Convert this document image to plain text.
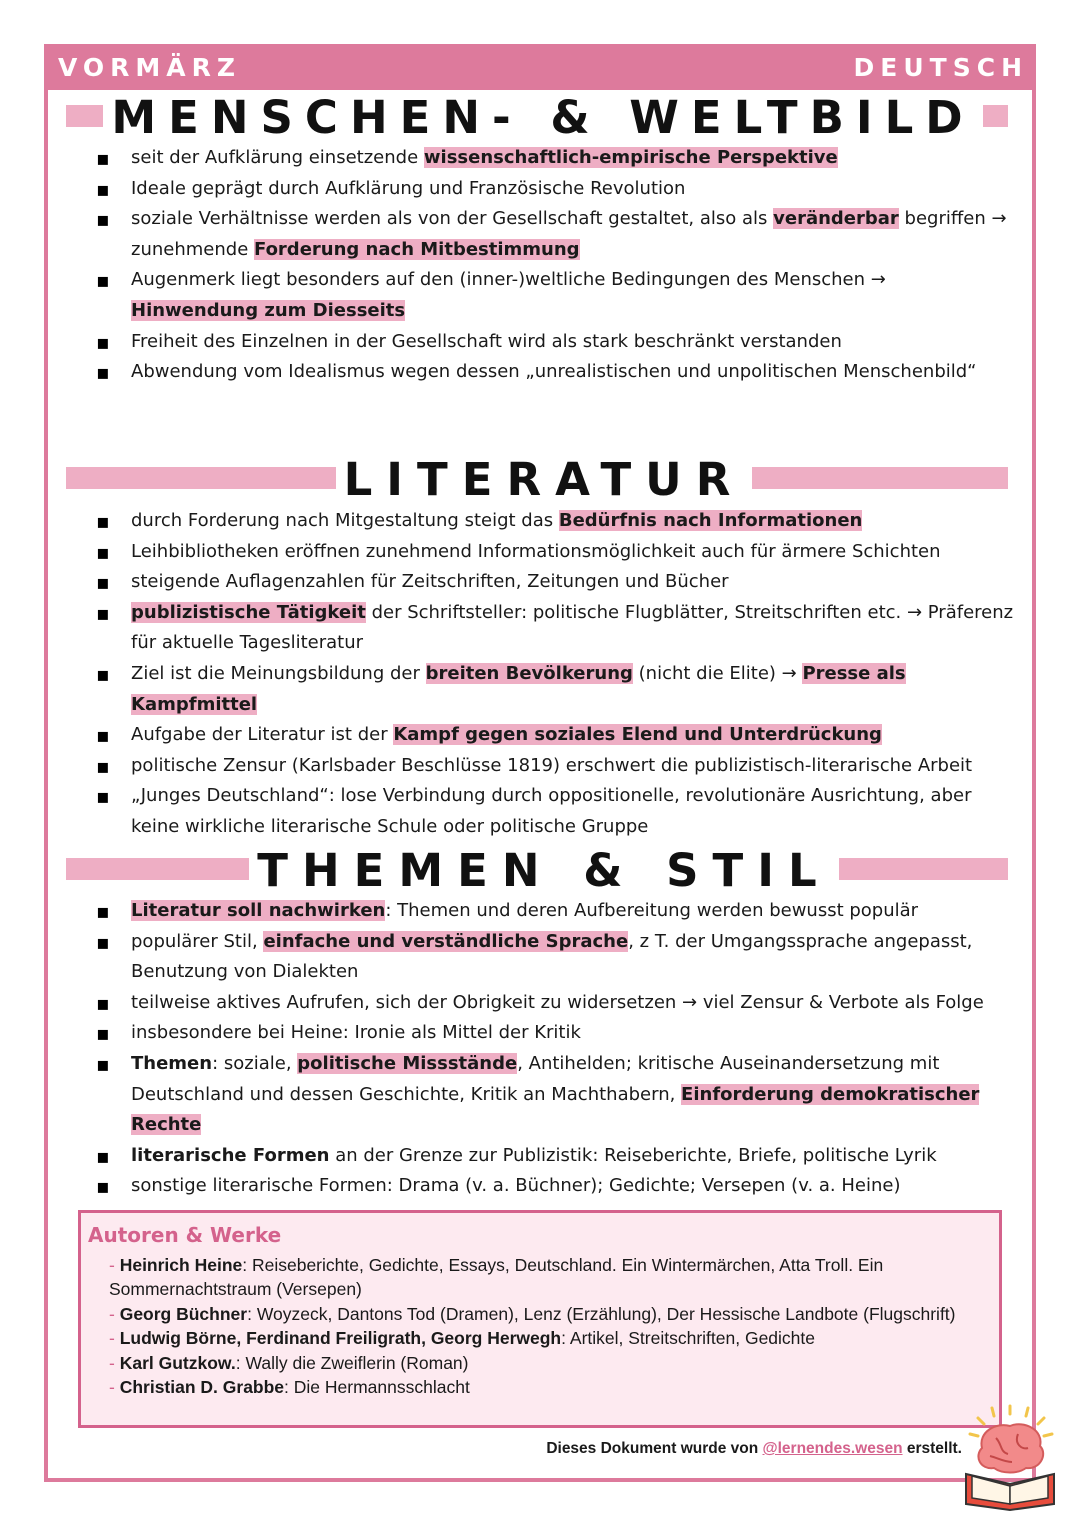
VORMÄRZ	DEUTSCH
MENSCHEN- & WELTBILD
▪ seit der Aufklärung einsetzende wissenschaftlich-empirische Perspektive
▪ Ideale geprägt durch Aufklärung und Französische Revolution
▪ soziale Verhältnisse werden als von der Gesellschaft gestaltet, also als veränderbar begriffen → zunehmende Forderung nach Mitbestimmung
▪ Augenmerk liegt besonders auf den (inner-)weltliche Bedingungen des Menschen → Hinwendung zum Diesseits
▪ Freiheit des Einzelnen in der Gesellschaft wird als stark beschränkt verstanden
▪ Abwendung vom Idealismus wegen dessen „unrealistischen und unpolitischen Menschenbild“
LITERATUR
▪ durch Forderung nach Mitgestaltung steigt das Bedürfnis nach Informationen
▪ Leihbibliotheken eröffnen zunehmend Informationsmöglichkeit auch für ärmere Schichten
▪ steigende Auflagenzahlen für Zeitschriften, Zeitungen und Bücher
▪ publizistische Tätigkeit der Schriftsteller: politische Flugblätter, Streitschriften etc. → Präferenz für aktuelle Tagesliteratur
▪ Ziel ist die Meinungsbildung der breiten Bevölkerung (nicht die Elite) → Presse als Kampfmittel
▪ Aufgabe der Literatur ist der Kampf gegen soziales Elend und Unterdrückung
▪ politische Zensur (Karlsbader Beschlüsse 1819) erschwert die publizistisch-literarische Arbeit
▪ „Junges Deutschland“: lose Verbindung durch oppositionelle, revolutionäre Ausrichtung, aber keine wirkliche literarische Schule oder politische Gruppe
THEMEN & STIL
▪ Literatur soll nachwirken: Themen und deren Aufbereitung werden bewusst populär
▪ populärer Stil, einfache und verständliche Sprache, z T. der Umgangssprache angepasst, Benutzung von Dialekten
▪ teilweise aktives Aufrufen, sich der Obrigkeit zu widersetzen → viel Zensur & Verbote als Folge
▪ insbesondere bei Heine: Ironie als Mittel der Kritik
▪ Themen: soziale, politische Missstände, Antihelden; kritische Auseinandersetzung mit Deutschland und dessen Geschichte, Kritik an Machthabern, Einforderung demokratischer Rechte
▪ literarische Formen an der Grenze zur Publizistik: Reiseberichte, Briefe, politische Lyrik
▪ sonstige literarische Formen: Drama (v. a. Büchner); Gedichte; Versepen (v. a. Heine)
Autoren & Werke
- Heinrich Heine: Reiseberichte, Gedichte, Essays, Deutschland. Ein Wintermärchen, Atta Troll. Ein Sommernachtstraum (Versepen)
- Georg Büchner: Woyzeck, Dantons Tod (Dramen), Lenz (Erzählung), Der Hessische Landbote (Flugschrift)
- Ludwig Börne, Ferdinand Freiligrath, Georg Herwegh: Artikel, Streitschriften, Gedichte
- Karl Gutzkow.: Wally die Zweiflerin (Roman)
- Christian D. Grabbe: Die Hermannsschlacht
Dieses Dokument wurde von @lernendes.wesen erstellt.
